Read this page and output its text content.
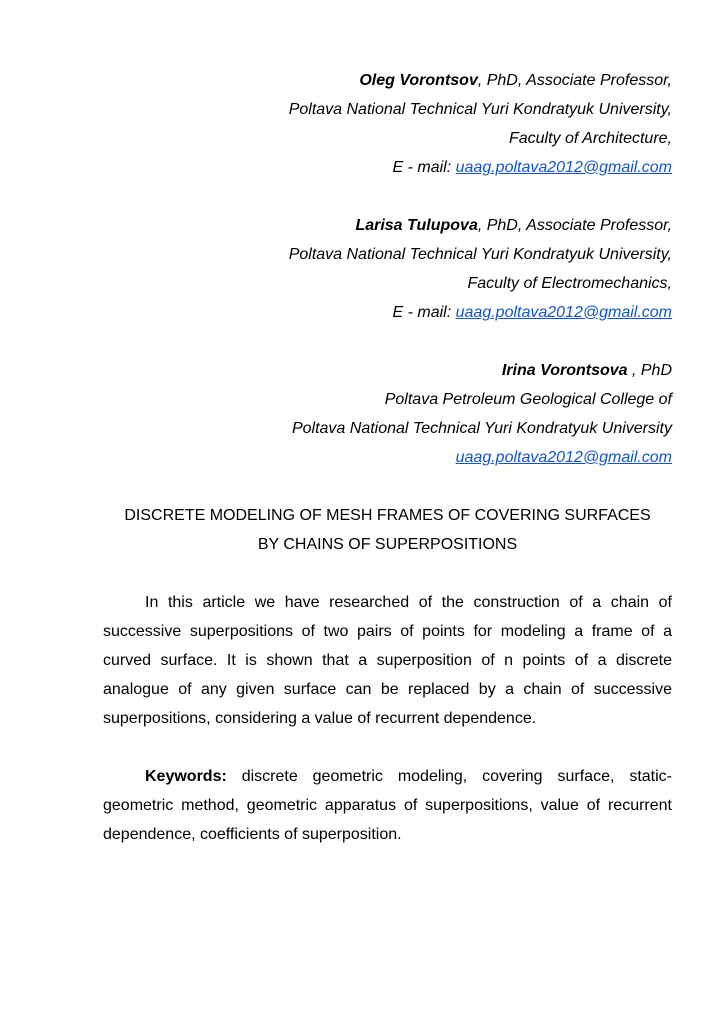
Oleg Vorontsov, PhD, Associate Professor,

Poltava National Technical Yuri Kondratyuk University,

Faculty of Architecture,

E - mail: uaag.poltava2012@gmail.com

Larisa Tulupova, PhD, Associate Professor,

Poltava National Technical Yuri Kondratyuk University,

Faculty of Electromechanics,

E - mail: uaag.poltava2012@gmail.com

Irina Vorontsova , PhD

Poltava Petroleum Geological College of

Poltava National Technical Yuri Kondratyuk University

uaag.poltava2012@gmail.com

DISCRETE MODELING OF MESH FRAMES OF COVERING SURFACES

BY CHAINS OF SUPERPOSITIONS

In this article we have researched of the construction of a chain of successive superpositions of two pairs of points for modeling a frame of a curved surface. It is shown that a superposition of n points of a discrete analogue of any given surface can be replaced by a chain of successive superpositions, considering a value of recurrent dependence.

Keywords: discrete geometric modeling, covering surface, static-geometric method, geometric apparatus of superpositions, value of recurrent dependence, coefficients of superposition.
